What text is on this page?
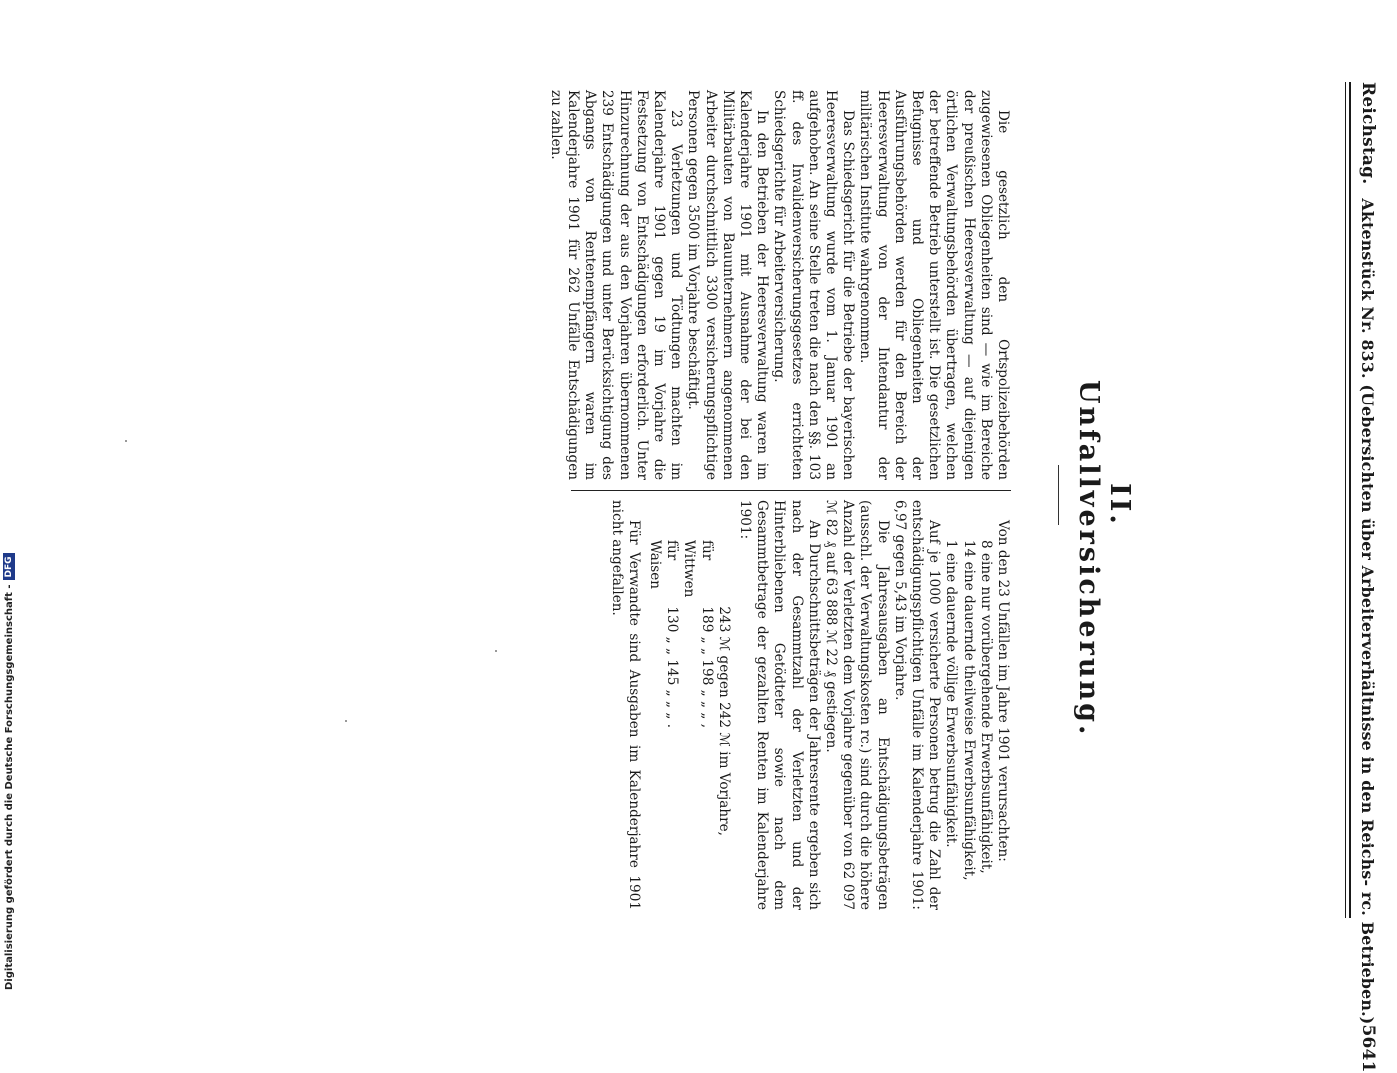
Reichstag.
Aktenstück Nr. 833. (Uebersichten über Arbeiterverhältnisse in den Reichs- rc. Betrieben.)
5641
II. Unfallversicherung.

Die gesetzlich den Ortspolizeibehörden zugewiesenen Obliegenheiten sind — wie im Bereiche der preußischen Heeresverwaltung — auf diejenigen örtlichen Verwaltungsbehörden übertragen, welchen der betreffende Betrieb unterstellt ist. Die gesetzlichen Befugnisse und Obliegenheiten der Ausführungsbehörden werden für den Bereich der Heeresverwaltung von der Intendantur der militärischen Institute wahrgenommen.

Das Schiedsgericht für die Betriebe der bayerischen Heeresverwaltung wurde vom 1. Januar 1901 an aufgehoben. An seine Stelle treten die nach den §§. 103 ff. des Invalidenversicherungsgesetzes errichteten Schiedsgerichte für Arbeiterversicherung.

In den Betrieben der Heeresverwaltung waren im Kalenderjahre 1901 mit Ausnahme der bei den Militärbauten von Bauunternehmern angenommenen Arbeiter durchschnittlich 3300 versicherungspflichtige Personen gegen 3500 im Vorjahre beschäftigt.

23 Verletzungen und Tödtungen machten im Kalenderjahre 1901 gegen 19 im Vorjahre die Festsetzung von Entschädigungen erforderlich. Unter Hinzurechnung der aus den Vorjahren übernommenen 239 Entschädigungen und unter Berücksichtigung des Abgangs von Rentenempfängern waren im Kalenderjahre 1901 für 262 Unfälle Entschädigungen zu zahlen.

Von den 23 Unfällen im Jahre 1901 verursachten:

8 eine nur vorübergehende Erwerbsunfähigkeit,
14 eine dauernde theilweise Erwerbsunfähigkeit,
1 eine dauernde völlige Erwerbsunfähigkeit.

Auf je 1000 versicherte Personen betrug die Zahl der entschädigungspflichtigen Unfälle im Kalenderjahre 1901: 6,97 gegen 5,43 im Vorjahre.

Die Jahresausgaben an Entschädigungsbeträgen (ausschl. der Verwaltungskosten rc.) sind durch die höhere Anzahl der Verletzten dem Vorjahre gegenüber von 62 097 ℳ 82 ₰ auf 63 888 ℳ 22 ₰ gestiegen.

An Durchschnittsbeträgen der Jahresrente ergeben sich nach der Gesammtzahl der Verletzten und der Hinterbliebenen Getödteter sowie nach dem Gesammtbetrage der gezahlten Renten im Kalenderjahre 1901:

243 ℳ gegen 242 ℳ im Vorjahre,
für Wittwen
189 „ „ 198 „ „ „ ,
für Waisen
130 „ „ 145 „ „ „ .

Für Verwandte sind Ausgaben im Kalenderjahre 1901 nicht angefallen.

Digitalisierung gefördert durch die Deutsche Forschungsgemeinschaft -
DFG
